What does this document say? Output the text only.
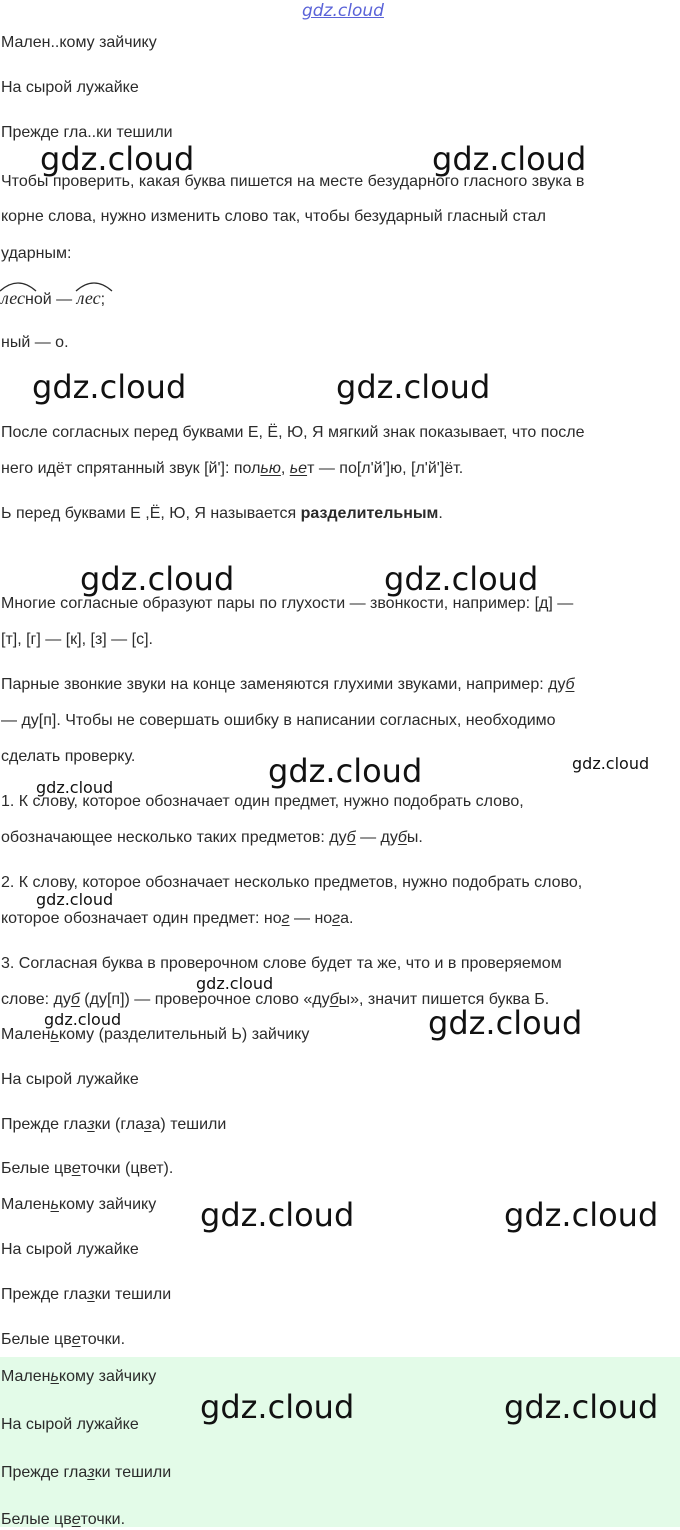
gdz.cloud

Мален..кому зайчику

На сырой лужайке

Прежде гла..ки тешили

Чтобы проверить, какая буква пишется на месте безударного гласного звука в

корне слова, нужно изменить слово так, чтобы безударный гласный стал

ударным:

лесной — лес;

ный — о.

После согласных перед буквами Е, Ё, Ю, Я мягкий знак показывает, что после

него идёт спрятанный звук [й']: полью, ьет — по[л'й']ю, [л'й']ёт.

Ь перед буквами Е ,Ё, Ю, Я называется разделительным.

Многие согласные образуют пары по глухости — звонкости, например: [д] —

[т], [г] — [к], [з] — [с].

Парные звонкие звуки на конце заменяются глухими звуками, например: дуб

— ду[п]. Чтобы не совершать ошибку в написании согласных, необходимо

сделать проверку.

1. К слову, которое обозначает один предмет, нужно подобрать слово,

обозначающее несколько таких предметов: дуб — дубы.

2. К слову, которое обозначает несколько предметов, нужно подобрать слово,

которое обозначает один предмет: ног — нога.

3. Согласная буква в проверочном слове будет та же, что и в проверяемом

слове: дуб (ду[п]) — проверочное слово «дубы», значит пишется буква Б.

Маленькому (разделительный Ь) зайчику

На сырой лужайке

Прежде глазки (глаза) тешили

Белые цветочки (цвет).

Маленькому зайчику

На сырой лужайке

Прежде глазки тешили

Белые цветочки.

Маленькому зайчику

На сырой лужайке

Прежде глазки тешили

Белые цветочки.

gdz.cloud	gdz.cloud
gdz.cloud	gdz.cloud
gdz.cloud	gdz.cloud
gdz.cloud	gdz.cloud
gdz.cloud
gdz.cloud
gdz.cloud
gdz.cloud	gdz.cloud
gdz.cloud	gdz.cloud
gdz.cloud	gdz.cloud
